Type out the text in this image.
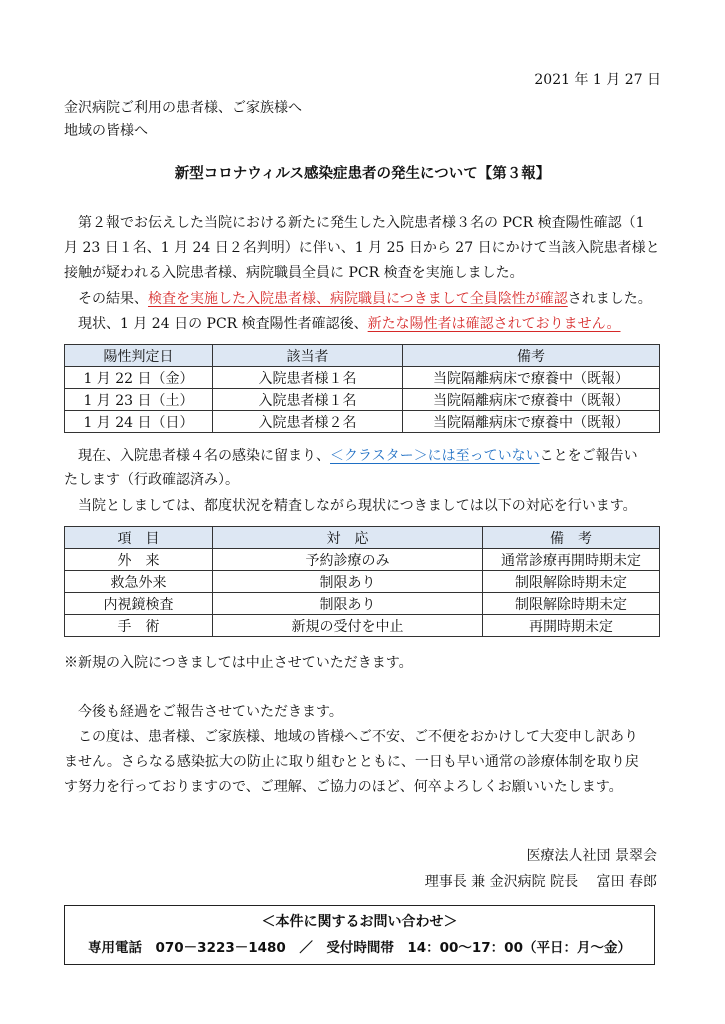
2021 年 1 月 27 日
金沢病院ご利用の患者様、ご家族様へ
地域の皆様へ
新型コロナウィルス感染症患者の発生について【第３報】
第２報でお伝えした当院における新たに発生した入院患者様３名の PCR 検査陽性確認（1
月 23 日１名、1 月 24 日２名判明）に伴い、1 月 25 日から 27 日にかけて当該入院患者様と
接触が疑われる入院患者様、病院職員全員に PCR 検査を実施しました。
その結果、検査を実施した入院患者様、病院職員につきまして全員陰性が確認されました。
現状、1 月 24 日の PCR 検査陽性者確認後、新たな陽性者は確認されておりません。
陽性判定日	該当者	備考
1 月 22 日（金）	入院患者様１名	当院隔離病床で療養中（既報）
1 月 23 日（土）	入院患者様１名	当院隔離病床で療養中（既報）
1 月 24 日（日）	入院患者様２名	当院隔離病床で療養中（既報）
現在、入院患者様４名の感染に留まり、＜クラスター＞には至っていないことをご報告い
たします（行政確認済み）。
当院としましては、都度状況を精査しながら現状につきましては以下の対応を行います。
項　目	対　応	備　考
外　来	予約診療のみ	通常診療再開時期未定
救急外来	制限あり	制限解除時期未定
内視鏡検査	制限あり	制限解除時期未定
手　術	新規の受付を中止	再開時期未定
※新規の入院につきましては中止させていただきます。
今後も経過をご報告させていただきます。
この度は、患者様、ご家族様、地域の皆様へご不安、ご不便をおかけして大変申し訳あり
ません。さらなる感染拡大の防止に取り組むとともに、一日も早い通常の診療体制を取り戻
す努力を行っておりますので、ご理解、ご協力のほど、何卒よろしくお願いいたします。
医療法人社団 景翠会
理事長 兼 金沢病院 院長　 富田 春郎
＜本件に関するお問い合わせ＞
専用電話　070－3223－1480　／　受付時間帯　14：00～17：00（平日：月～金）
